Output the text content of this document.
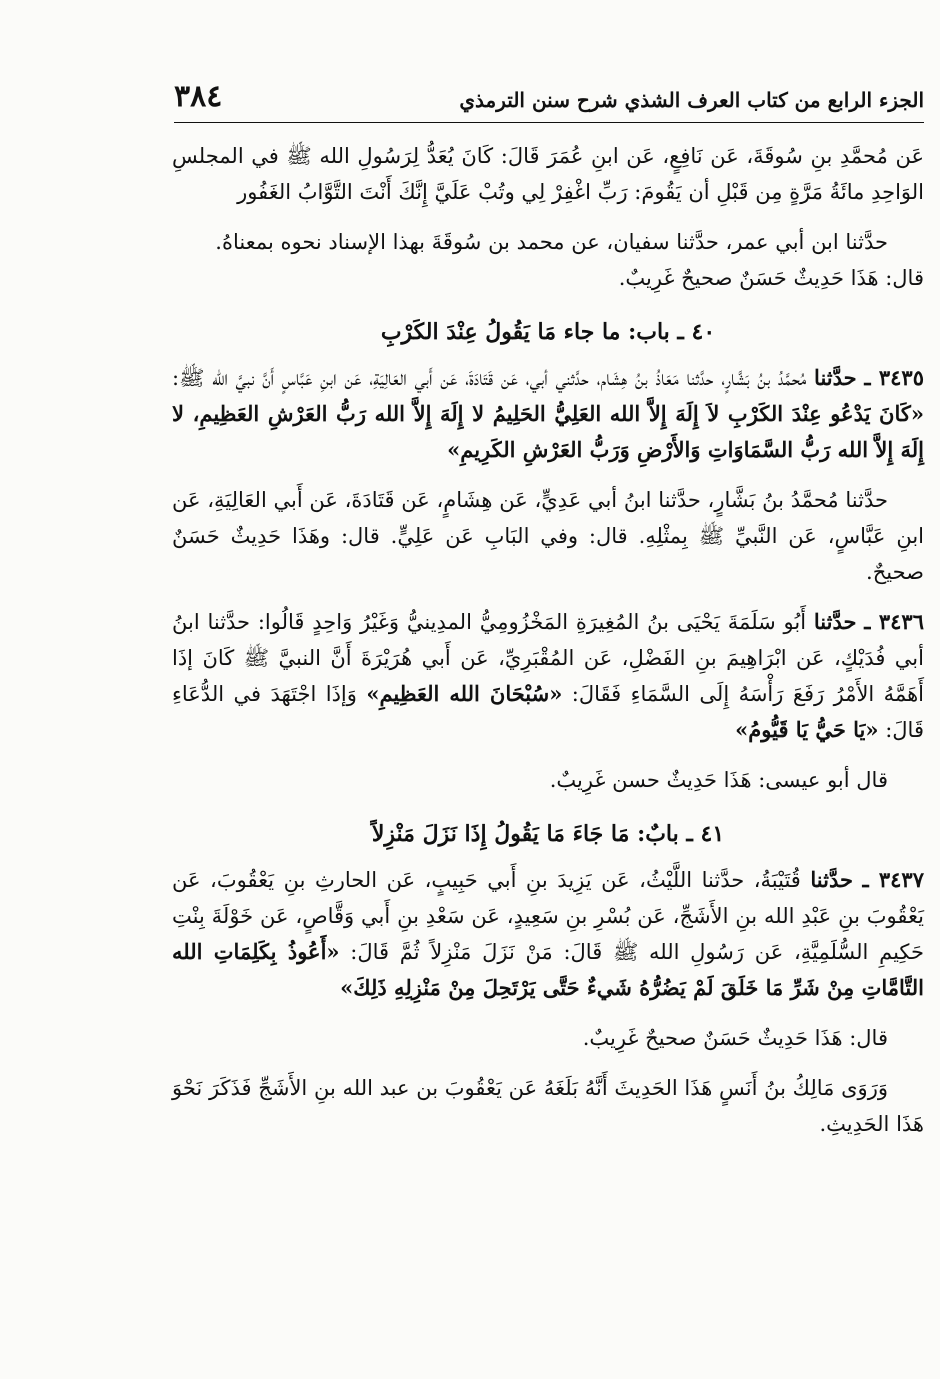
الجزء الرابع من كتاب العرف الشذي شرح سنن الترمذي
٣٨٤

عَن مُحمَّدِ بنِ سُوقَةَ، عَن نَافِعٍ، عَن ابنِ عُمَرَ قَالَ: كَانَ يُعَدُّ لِرَسُولِ الله ﷺ في المجلسِ الوَاحِدِ مائَةُ مَرَّةٍ مِن قَبْلِ أن يَقُومَ: رَبِّ اغْفِرْ لِي وتُبْ عَلَيَّ إِنَّكَ أَنْتَ التَّوَّابُ الغَفُور

حدَّثنا ابن أبي عمر، حدَّثنا سفيان، عن محمد بن سُوقَةَ بهذا الإسناد نحوه بمعناهُ.
قال: هَذَا حَدِيثٌ حَسَنٌ صحيحٌ غَرِيبٌ.

٤٠ ـ باب: ما جاء مَا يَقُولُ عِنْدَ الكَرْبِ

٣٤٣٥ ـ حدَّثنا مُحمَّدُ بنُ بَشَّارٍ، حدَّثنا مَعَاذُ بنُ هِشَام، حدَّثني أبي، عَن قَتَادَةَ، عَن أَبي العَالِيَةِ، عَن ابنِ عَبَّاسٍ أَنَّ نبيَّ الله ﷺ: «كَانَ يَدْعُو عِنْدَ الكَرْبِ لاَ إِلَهَ إِلاَّ الله العَلِيُّ الحَلِيمُ لا إِلَهَ إِلاَّ الله رَبُّ العَرْشِ العَظِيمِ، لا إِلَهَ إِلاَّ الله رَبُّ السَّمَاوَاتِ وَالأَرْضِ وَرَبُّ العَرْشِ الكَرِيمِ»

حدَّثنا مُحمَّدُ بنُ بَشَّارٍ، حدَّثنا ابنُ أبي عَدِيٍّ، عَن هِشَامٍ، عَن قَتَادَةَ، عَن أَبي العَالِيَةِ، عَن ابنِ عَبَّاسٍ، عَن النَّبيِّ ﷺ بِمثْلِهِ. قال: وفي البَابِ عَن عَلِيٍّ. قال: وهَذَا حَدِيثٌ حَسَنٌ صحيحٌ.

٣٤٣٦ ـ حدَّثنا أَبُو سَلَمَةَ يَحْيَى بنُ المُغِيرَةِ المَخْزُومِيُّ المدِينيُّ وَغَيْرُ وَاحِدٍ قَالُوا: حدَّثنا ابنُ أبي فُدَيْكٍ، عَن ابْرَاهِيمَ بنِ الفَضْلِ، عَن المُقْبَرِيِّ، عَن أَبي هُرَيْرَةَ أَنَّ النبيَّ ﷺ كَانَ إذَا أَهَمَّهُ الأَمْرُ رَفَعَ رَأْسَهُ إِلَى السَّمَاءِ فَقَالَ: «سُبْحَانَ الله العَظِيمِ» وَإذَا اجْتَهَدَ في الدُّعَاءِ قَالَ: «يَا حَيُّ يَا قَيُّومُ»

قال أبو عيسى: هَذَا حَدِيثٌ حسن غَرِيبٌ.

٤١ ـ بابٌ: مَا جَاءَ مَا يَقُولُ إِذَا نَزَلَ مَنْزِلاً

٣٤٣٧ ـ حدَّثنا قُتَيْبَةُ، حدَّثنا اللَّيْثُ، عَن يَزِيدَ بنِ أَبي حَبِيبٍ، عَن الحارثِ بنِ يَعْقُوبَ، عَن يَعْقُوبَ بنِ عَبْدِ الله بنِ الأَشَجِّ، عَن بُسْرِ بنِ سَعِيدٍ، عَن سَعْدِ بنِ أَبي وَقَّاصٍ، عَن خَوْلَةَ بِنْتِ حَكِيمِ السُّلَمِيَّةِ، عَن رَسُولِ الله ﷺ قَالَ: مَنْ نَزَلَ مَنْزِلاً ثُمَّ قَالَ: «أَعُوذُ بِكَلِمَاتِ الله التَّامَّاتِ مِنْ شَرِّ مَا خَلَقَ لَمْ يَضُرُّهُ شَيءٌ حَتَّى يَرْتَحِلَ مِنْ مَنْزِلِهِ ذَلِكَ»

قال: هَذَا حَدِيثٌ حَسَنٌ صحيحٌ غَرِيبٌ.

وَرَوَى مَالِكُ بنُ أَنَسٍ هَذَا الحَدِيثَ أَنَّهُ بَلَغَهُ عَن يَعْقُوبَ بن عبد الله بنِ الأَشَجِّ فَذَكَرَ نَحْوَ هَذَا الحَدِيثِ.
